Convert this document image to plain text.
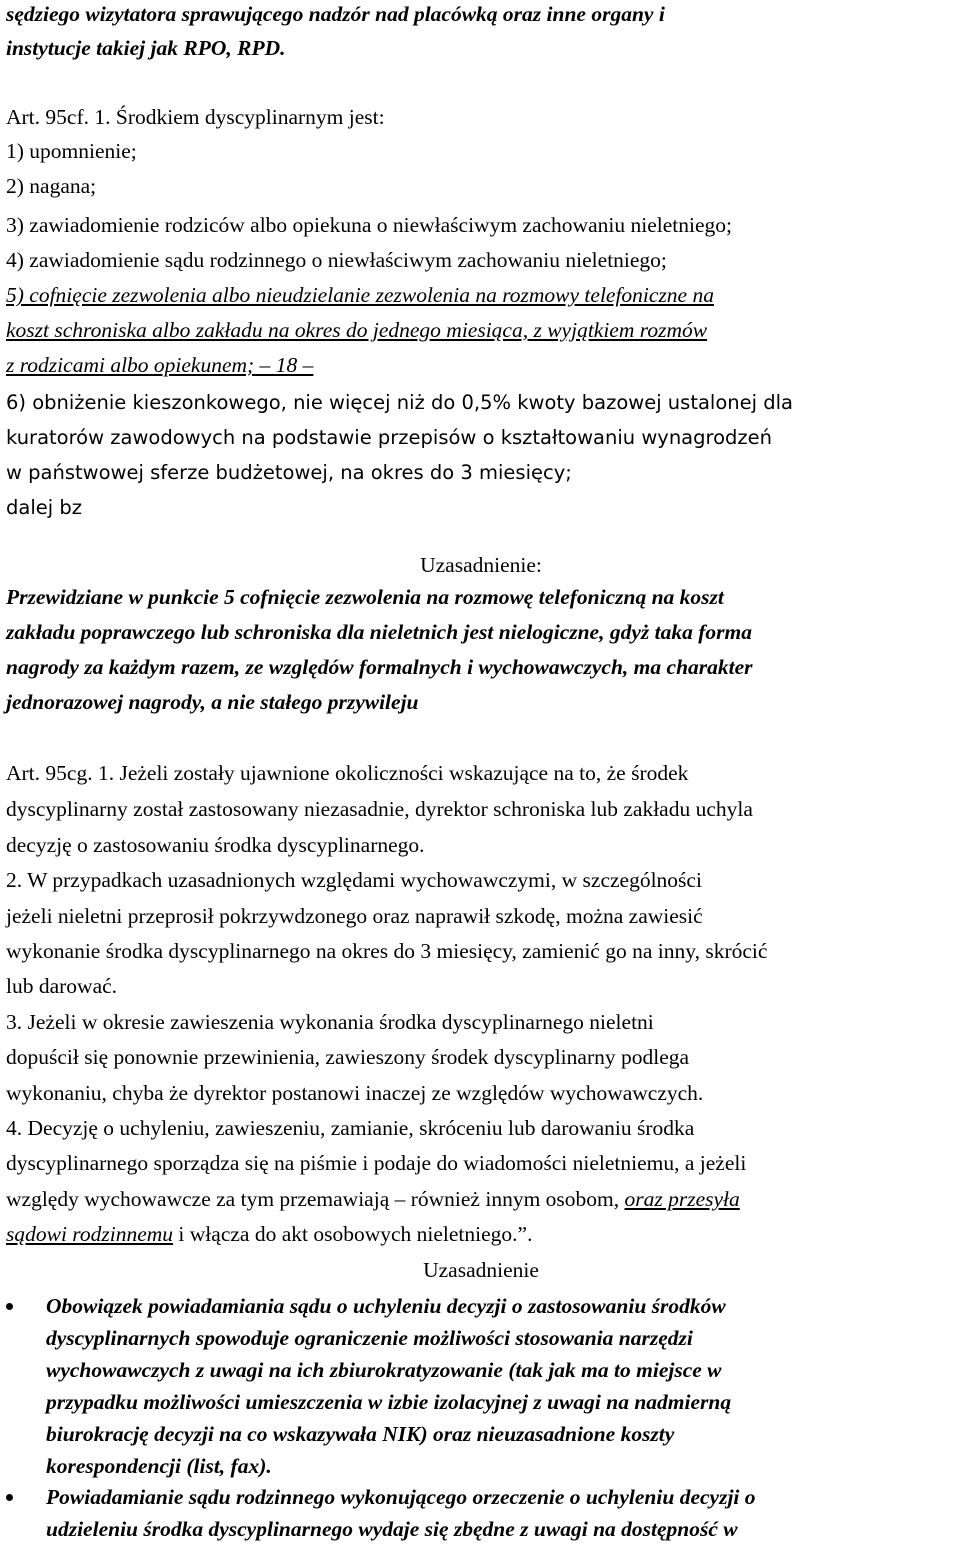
sędziego wizytatora sprawującego nadzór nad placówką oraz inne organy i
instytucje takiej jak RPO, RPD.
Art. 95cf. 1. Środkiem dyscyplinarnym jest:
1) upomnienie;
2) nagana;
3) zawiadomienie rodziców albo opiekuna o niewłaściwym zachowaniu nieletniego;
4) zawiadomienie sądu rodzinnego o niewłaściwym zachowaniu nieletniego;
5) cofnięcie zezwolenia albo nieudzielanie zezwolenia na rozmowy telefoniczne na
koszt schroniska albo zakładu na okres do jednego miesiąca, z wyjątkiem rozmów
z rodzicami albo opiekunem; – 18 –
6) obniżenie kieszonkowego, nie więcej niż do 0,5% kwoty bazowej ustalonej dla
kuratorów zawodowych na podstawie przepisów o kształtowaniu wynagrodzeń
w państwowej sferze budżetowej, na okres do 3 miesięcy;
dalej bz
Uzasadnienie:
Przewidziane w punkcie 5 cofnięcie zezwolenia na rozmowę telefoniczną na koszt
zakładu poprawczego lub schroniska dla nieletnich jest nielogiczne, gdyż taka forma
nagrody za każdym razem, ze względów formalnych i wychowawczych, ma charakter
jednorazowej nagrody, a nie stałego przywileju
Art. 95cg. 1. Jeżeli zostały ujawnione okoliczności wskazujące na to, że środek
dyscyplinarny został zastosowany niezasadnie, dyrektor schroniska lub zakładu uchyla
decyzję o zastosowaniu środka dyscyplinarnego.
2. W przypadkach uzasadnionych względami wychowawczymi, w szczególności
jeżeli nieletni przeprosił pokrzywdzonego oraz naprawił szkodę, można zawiesić
wykonanie środka dyscyplinarnego na okres do 3 miesięcy, zamienić go na inny, skrócić
lub darować.
3. Jeżeli w okresie zawieszenia wykonania środka dyscyplinarnego nieletni
dopuścił się ponownie przewinienia, zawieszony środek dyscyplinarny podlega
wykonaniu, chyba że dyrektor postanowi inaczej ze względów wychowawczych.
4. Decyzję o uchyleniu, zawieszeniu, zamianie, skróceniu lub darowaniu środka
dyscyplinarnego sporządza się na piśmie i podaje do wiadomości nieletniemu, a jeżeli
względy wychowawcze za tym przemawiają – również innym osobom, oraz przesyła
sądowi rodzinnemu i włącza do akt osobowych nieletniego.”.
Uzasadnienie
Obowiązek powiadamiania sądu o uchyleniu decyzji o zastosowaniu środków
dyscyplinarnych spowoduje ograniczenie możliwości stosowania narzędzi
wychowawczych z uwagi na ich zbiurokratyzowanie (tak jak ma to miejsce w
przypadku możliwości umieszczenia w izbie izolacyjnej z uwagi na nadmierną
biurokrację decyzji na co wskazywała NIK) oraz nieuzasadnione koszty
korespondencji (list, fax).
Powiadamianie sądu rodzinnego wykonującego orzeczenie o uchyleniu decyzji o
udzieleniu środka dyscyplinarnego wydaje się zbędne z uwagi na dostępność w
